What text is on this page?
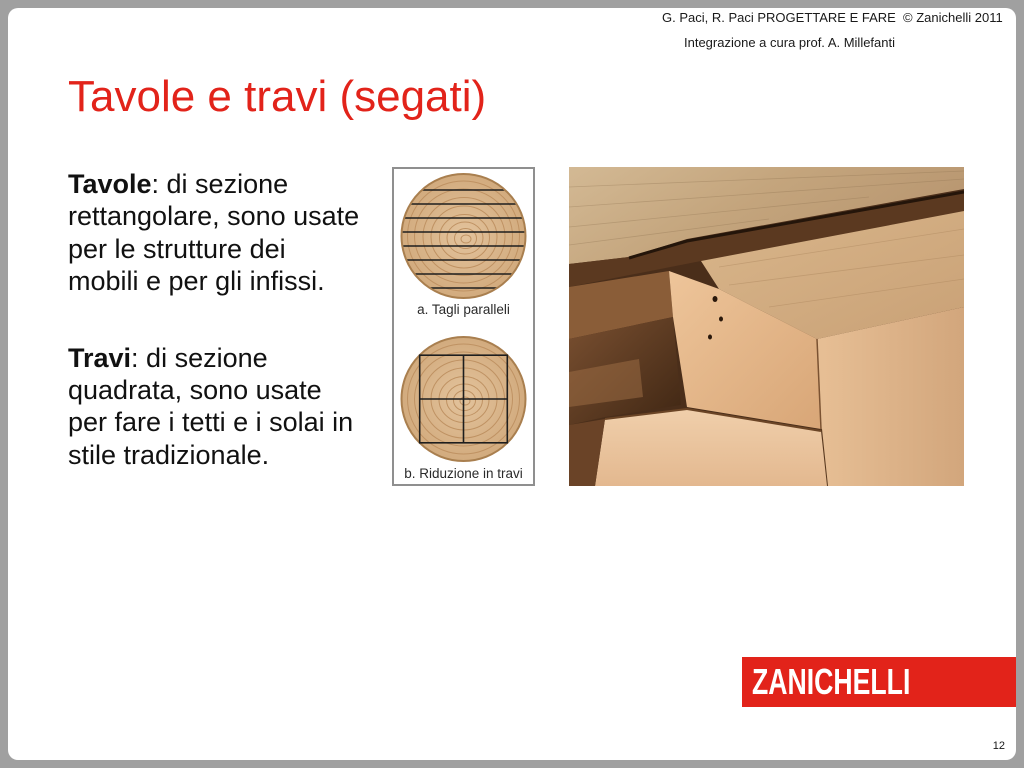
G. Paci, R. Paci PROGETTARE E FARE  © Zanichelli 2011
Integrazione a cura prof. A. Millefanti
Tavole e travi (segati)
Tavole: di sezione
rettangolare, sono usate
per le strutture dei
mobili e per gli infissi.
Travi: di sezione
quadrata, sono usate
per fare i tetti e i solai in
stile tradizionale.
a. Tagli paralleli
b. Riduzione in travi
ZANICHELLI
12
